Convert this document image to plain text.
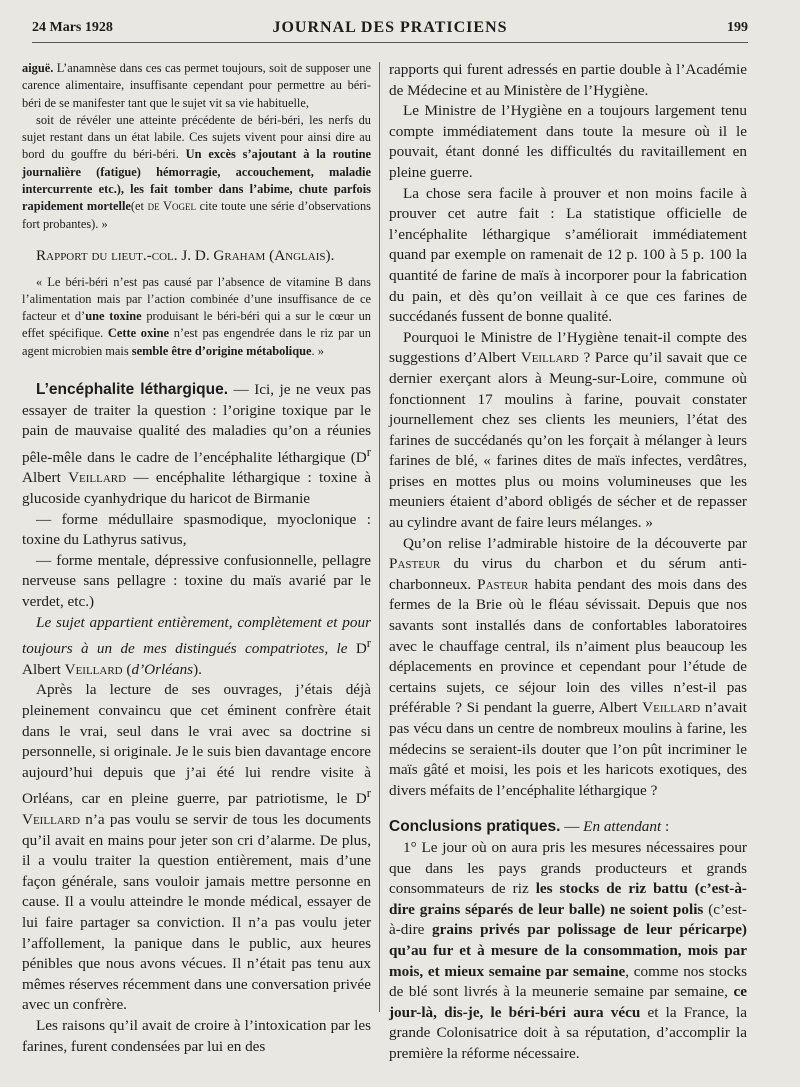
24 Mars 1928	JOURNAL DES PRATICIENS	199

aiguë. L’anamnèse dans ces cas permet toujours, soit de supposer une carence alimentaire, insuffisante cependant pour permettre au béri-béri de se manifester tant que le sujet vit sa vie habituelle,

soit de révéler une atteinte précédente de béri-béri, les nerfs du sujet restant dans un état labile. Ces sujets vivent pour ainsi dire au bord du gouffre du béri-béri. Un excès s’ajoutant à la routine journalière (fatigue) hémorragie, accouchement, maladie intercurrente etc.), les fait tomber dans l’abime, chute parfois rapidement mortelle(et de Vogel cite toute une série d’observations fort probantes). »

Rapport du lieut.-col. J. D. Graham (Anglais).

« Le béri-béri n’est pas causé par l’absence de vitamine B dans l’alimentation mais par l’action combinée d’une insuffisance de ce facteur et d’une toxine produisant le béri-béri qui a sur le cœur un effet spécifique. Cette oxine n’est pas engendrée dans le riz par un agent microbien mais semble être d’origine métabolique. »

L’encéphalite léthargique. — Ici, je ne veux pas essayer de traiter la question : l’origine toxique par le pain de mauvaise qualité des maladies qu’on a réunies pêle-mêle dans le cadre de l’encéphalite léthargique ($D^r$ Albert Veillard — encéphalite léthargique : toxine à glucoside cyanhydrique du haricot de Birmanie

— forme médullaire spasmodique, myoclonique : toxine du Lathyrus sativus,

— forme mentale, dépressive confusionnelle, pellagre nerveuse sans pellagre : toxine du maïs avarié par le verdet, etc.)

Le sujet appartient entièrement, complètement et pour toujours à un de mes distingués compatriotes, le $D^r$ Albert Veillard (d’Orléans).

Après la lecture de ses ouvrages, j’étais déjà pleinement convaincu que cet éminent confrère était dans le vrai, seul dans le vrai avec sa doctrine si personnelle, si originale. Je le suis bien davantage encore aujourd’hui depuis que j’ai été lui rendre visite à Orléans, car en pleine guerre, par patriotisme, le $D^r$ Veillard n’a pas voulu se servir de tous les documents qu’il avait en mains pour jeter son cri d’alarme. De plus, il a voulu traiter la question entièrement, mais d’une façon générale, sans vouloir jamais mettre personne en cause. Il a voulu atteindre le monde médical, essayer de lui faire partager sa conviction. Il n’a pas voulu jeter l’affollement, la panique dans le public, aux heures pénibles que nous avons vécues. Il n’était pas tenu aux mêmes réserves récemment dans une conversation privée avec un confrère.

Les raisons qu’il avait de croire à l’intoxication par les farines, furent condensées par lui en des

rapports qui furent adressés en partie double à l’Académie de Médecine et au Ministère de l’Hygiène.

Le Ministre de l’Hygiène en a toujours largement tenu compte immédiatement dans toute la mesure où il le pouvait, étant donné les difficultés du ravitaillement en pleine guerre.

La chose sera facile à prouver et non moins facile à prouver cet autre fait : La statistique officielle de l’encéphalite léthargique s’améliorait immédiatement quand par exemple on ramenait de 12 p. 100 à 5 p. 100 la quantité de farine de maïs à incorporer pour la fabrication du pain, et dès qu’on veillait à ce que ces farines de succédanés fussent de bonne qualité.

Pourquoi le Ministre de l’Hygiène tenait-il compte des suggestions d’Albert Veillard ? Parce qu’il savait que ce dernier exerçant alors à Meung-sur-Loire, commune où fonctionnent 17 moulins à farine, pouvait constater journellement chez ses clients les meuniers, l’état des farines de succédanés qu’on les forçait à mélanger à leurs farines de blé, « farines dites de maïs infectes, verdâtres, prises en mottes plus ou moins volumineuses que les meuniers étaient d’abord obligés de sécher et de repasser au cylindre avant de faire leurs mélanges. »

Qu’on relise l’admirable histoire de la découverte par Pasteur du virus du charbon et du sérum anti-charbonneux. Pasteur habita pendant des mois dans des fermes de la Brie où le fléau sévissait. Depuis que nos savants sont installés dans de confortables laboratoires avec le chauffage central, ils n’aiment plus beaucoup les déplacements en province et cependant pour l’étude de certains sujets, ce séjour loin des villes n’est-il pas préférable ? Si pendant la guerre, Albert Veillard n’avait pas vécu dans un centre de nombreux moulins à farine, les médecins se seraient-ils douter que l’on pût incriminer le maïs gâté et moisi, les pois et les haricots exotiques, des divers méfaits de l’encéphalite léthargique ?

Conclusions pratiques. — En attendant :

1° Le jour où on aura pris les mesures nécessaires pour que dans les pays grands producteurs et grands consommateurs de riz les stocks de riz battu (c’est-à-dire grains séparés de leur balle) ne soient polis (c’est-à-dire grains privés par polissage de leur péricarpe) qu’au fur et à mesure de la consommation, mois par mois, et mieux semaine par semaine, comme nos stocks de blé sont livrés à la meunerie semaine par semaine, ce jour-là, dis-je, le béri-béri aura vécu et la France, la grande Colonisatrice doit à sa réputation, d’accomplir la première la réforme nécessaire.
